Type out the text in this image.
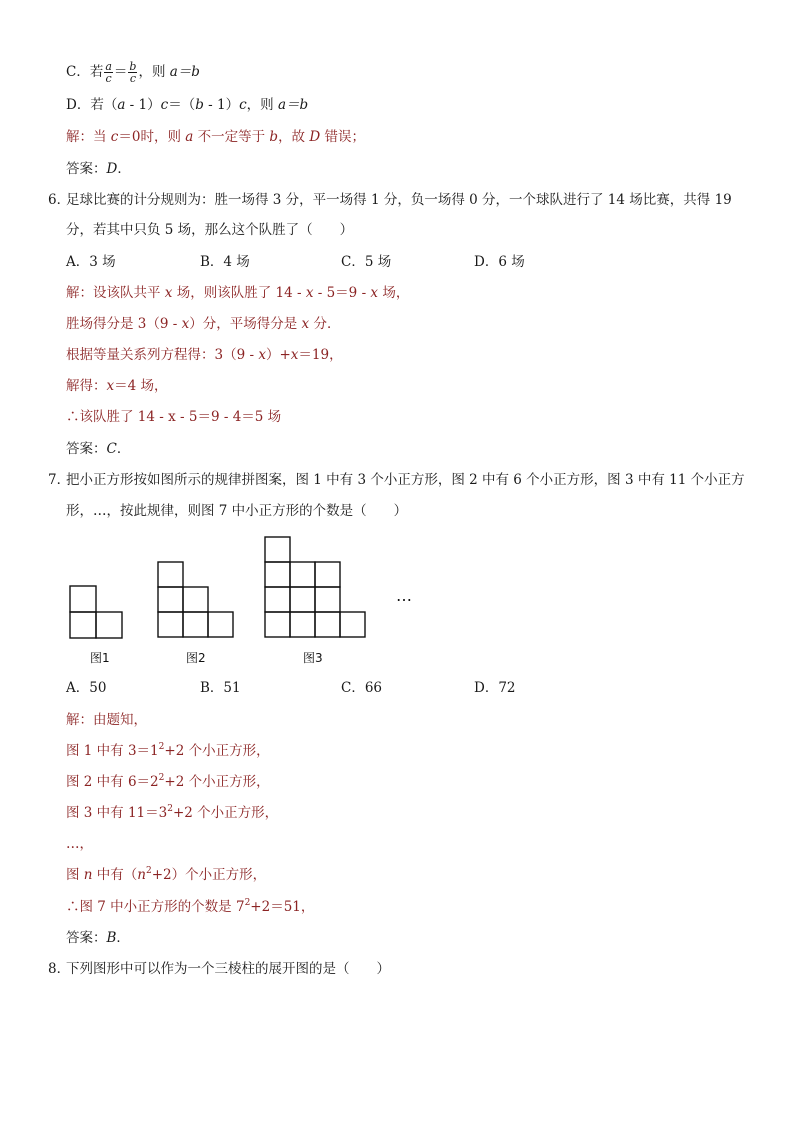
C．若 $\frac{a}{c} = \frac{b}{c}$ ，则 a＝b
D．若（a - 1）c＝（b - 1）c，则 a＝b
解：当 c＝0时，则 a 不一定等于 b，故 D 错误；
答案：D．
6．
足球比赛的计分规则为：胜一场得 3 分，平一场得 1 分，负一场得 0 分，一个球队进行了 14 场比赛，共得 19
分，若其中只负 5 场，那么这个队胜了（　　）
A．3 场	B．4 场	C．5 场	D．6 场
解：设该队共平 x 场，则该队胜了 14 - x - 5＝9 - x 场，
胜场得分是 3（9 - x）分，平场得分是 x 分．
根据等量关系列方程得：3（9 - x）+x＝19，
解得：x＝4 场，
∴该队胜了 14 - x - 5＝9 - 4＝5 场
答案：C．
7．
把小正方形按如图所示的规律拼图案，图 1 中有 3 个小正方形，图 2 中有 6 个小正方形，图 3 中有 11 个小正方
形，…，按此规律，则图 7 中小正方形的个数是（　　）
图1	图2	图3
…
A．50	B．51	C．66	D．72
解：由题知，
图 1 中有 $3=1^2+2$ 个小正方形，
图 2 中有 $6=2^2+2$ 个小正方形，
图 3 中有 $11=3^2+2$ 个小正方形，
…，
图 n 中有$(n^2+2)$个小正方形，
∴图 7 中小正方形的个数是 $7^2+2=51$，
答案：B．
8．
下列图形中可以作为一个三棱柱的展开图的是（　　）
